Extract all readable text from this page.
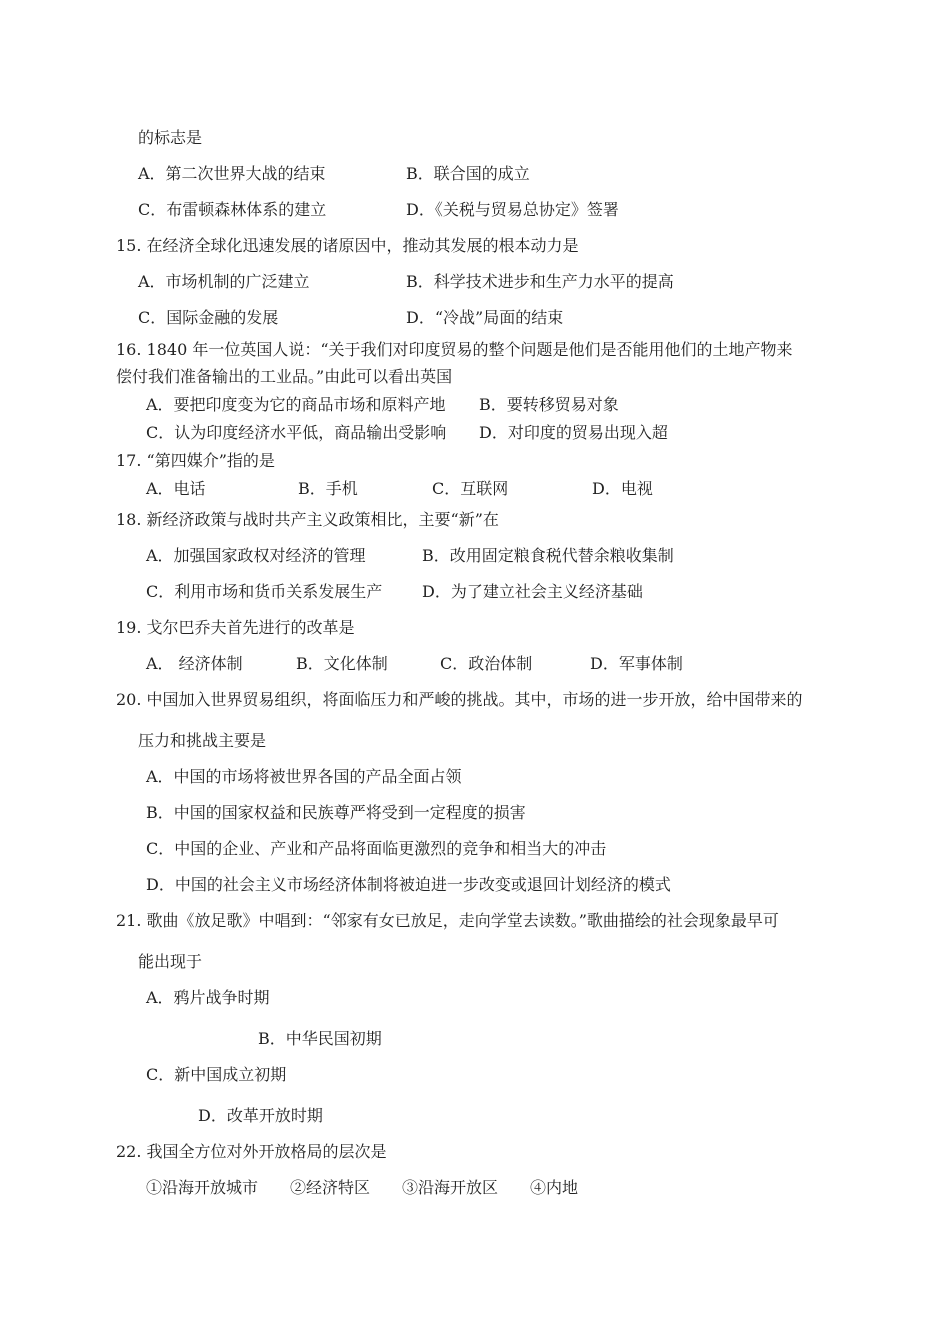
的标志是
A．第二次世界大战的结束	B．联合国的成立
C．布雷顿森林体系的建立	D．《关税与贸易总协定》签署
15. 在经济全球化迅速发展的诸原因中，推动其发展的根本动力是
A．市场机制的广泛建立	B．科学技术进步和生产力水平的提高
C．国际金融的发展	D．“冷战”局面的结束
16. 1840 年一位英国人说：“关于我们对印度贸易的整个问题是他们是否能用他们的土地产物来
偿付我们准备输出的工业品。”由此可以看出英国
A．要把印度变为它的商品市场和原料产地 B．要转移贸易对象
C．认为印度经济水平低，商品输出受影响 D．对印度的贸易出现入超
17. “第四媒介”指的是
A．电话	B．手机	C．互联网	D．电视
18. 新经济政策与战时共产主义政策相比，主要“新”在
A．加强国家政权对经济的管理	B．改用固定粮食税代替余粮收集制
C．利用市场和货币关系发展生产 D．为了建立社会主义经济基础
19. 戈尔巴乔夫首先进行的改革是
A． 经济体制	B．文化体制	C．政治体制	D．军事体制
20. 中国加入世界贸易组织，将面临压力和严峻的挑战。其中，市场的进一步开放，给中国带来的
压力和挑战主要是
A．中国的市场将被世界各国的产品全面占领
B．中国的国家权益和民族尊严将受到一定程度的损害
C．中国的企业、产业和产品将面临更激烈的竞争和相当大的冲击
D．中国的社会主义市场经济体制将被迫进一步改变或退回计划经济的模式
21. 歌曲《放足歌》中唱到：“邻家有女已放足，走向学堂去读数。”歌曲描绘的社会现象最早可
能出现于
A．鸦片战争时期
B．中华民国初期
C．新中国成立初期
D．改革开放时期
22. 我国全方位对外开放格局的层次是
①沿海开放城市　　②经济特区　　③沿海开放区　　④内地
